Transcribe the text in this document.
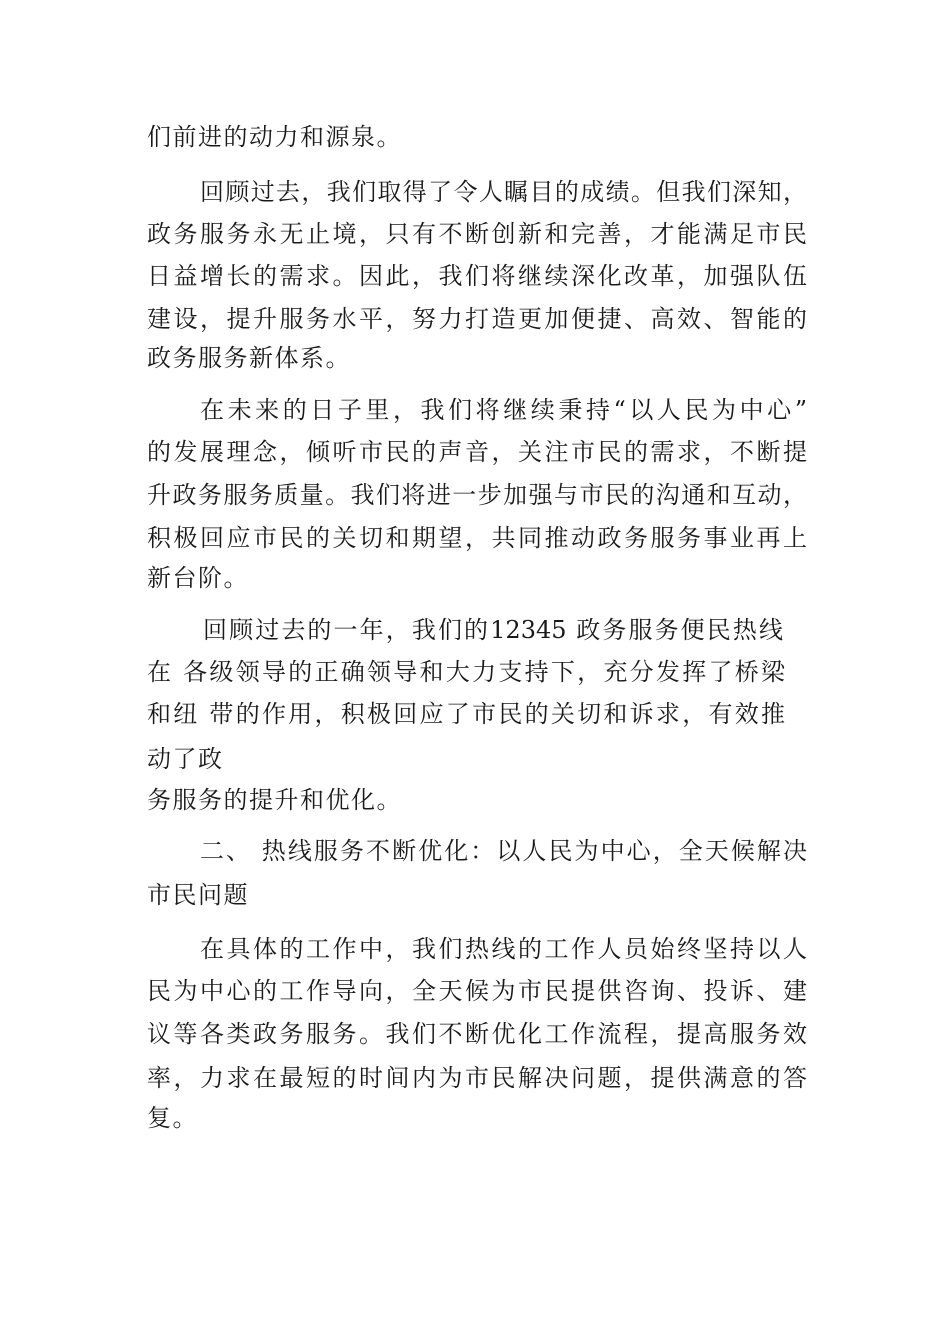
们前进的动力和源泉。
回顾过去，我们取得了令人瞩目的成绩。但我们深知，
政务服务永无止境，只有不断创新和完善，才能满足市民
日益增长的需求。因此，我们将继续深化改革，加强队伍
建设，提升服务水平，努力打造更加便捷、高效、智能的
政务服务新体系。
在未来的日子里，我们将继续秉持“以人民为中心”
的发展理念，倾听市民的声音，关注市民的需求，不断提
升政务服务质量。我们将进一步加强与市民的沟通和互动，
积极回应市民的关切和期望，共同推动政务服务事业再上
新台阶。
回顾过去的一年，我们的12345 政务服务便民热线
在 各级领导的正确领导和大力支持下，充分发挥了桥梁
和纽 带的作用，积极回应了市民的关切和诉求，有效推
动了政
务服务的提升和优化。
二、 热线服务不断优化：以人民为中心，全天候解决
市民问题
在具体的工作中，我们热线的工作人员始终坚持以人
民为中心的工作导向，全天候为市民提供咨询、投诉、建
议等各类政务服务。我们不断优化工作流程，提高服务效
率，力求在最短的时间内为市民解决问题，提供满意的答
复。
